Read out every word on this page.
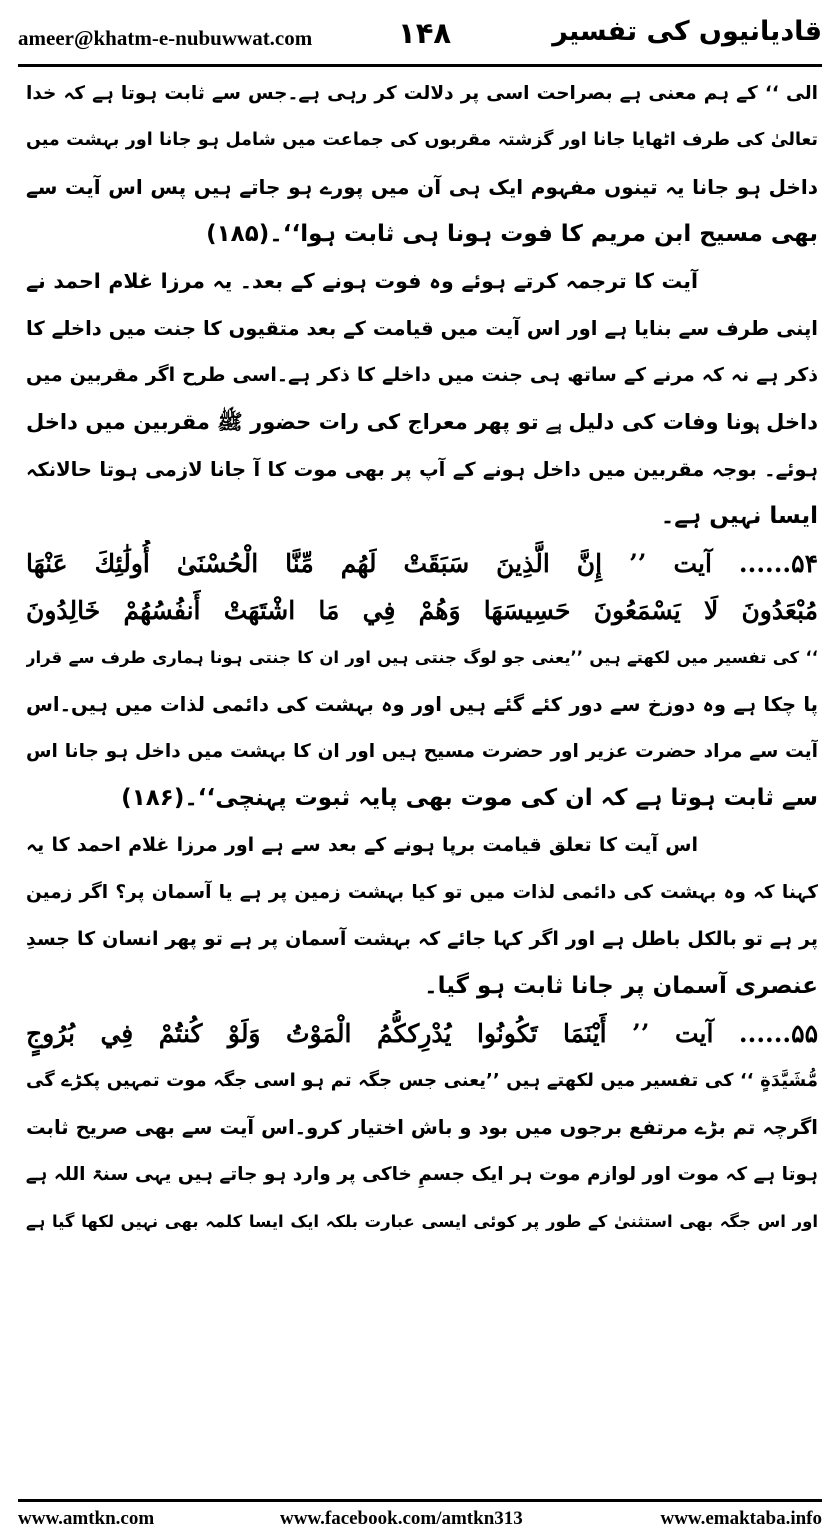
ameer@khatm-e-nubuwwat.com	۱۴۸	قادیانیوں کی تفسیر
الی ‘‘ کے ہم معنی ہے بصراحت اسی پر دلالت کر رہی ہے۔جس سے ثابت ہوتا ہے کہ خدا
تعالیٰ کی طرف اٹھایا جانا اور گزشتہ مقربوں کی جماعت میں شامل ہو جانا اور بہشت میں
داخل ہو جانا یہ تینوں مفہوم ایک ہی آن میں پورے ہو جاتے ہیں پس اس آیت سے
بھی مسیح ابن مریم کا فوت ہونا ہی ثابت ہوا‘‘۔(۱۸۵)
آیت کا ترجمہ کرتے ہوئے وہ فوت ہونے کے بعد۔ یہ مرزا غلام احمد نے
اپنی طرف سے بنایا ہے اور اس آیت میں قیامت کے بعد متقیوں کا جنت میں داخلے کا
ذکر ہے نہ کہ مرنے کے ساتھ ہی جنت میں داخلے کا ذکر ہے۔اسی طرح اگر مقربین میں
داخل ہونا وفات کی دلیل ہے تو پھر معراج کی رات حضور ﷺ مقربین میں داخل
ہوئے۔ بوجہ مقربین میں داخل ہونے کے آپ پر بھی موت کا آ جانا لازمی ہوتا حالانکہ
ایسا نہیں ہے۔
۵۴...... آیت ’’ إِنَّ الَّذِينَ سَبَقَتْ لَهُم مِّنَّا الْحُسْنَىٰ أُولَٰئِكَ عَنْهَا
مُبْعَدُونَ لَا يَسْمَعُونَ حَسِيسَهَا وَهُمْ فِي مَا اشْتَهَتْ أَنفُسُهُمْ خَالِدُونَ
‘‘ کی تفسیر میں لکھتے ہیں ’’یعنی جو لوگ جنتی ہیں اور ان کا جنتی ہونا ہماری طرف سے قرار
پا چکا ہے وہ دوزخ سے دور کئے گئے ہیں اور وہ بہشت کی دائمی لذات میں ہیں۔اس
آیت سے مراد حضرت عزیر اور حضرت مسیح ہیں اور ان کا بہشت میں داخل ہو جانا اس
سے ثابت ہوتا ہے کہ ان کی موت بھی پایہ ثبوت پہنچی‘‘۔(۱۸۶)
اس آیت کا تعلق قیامت برپا ہونے کے بعد سے ہے اور مرزا غلام احمد کا یہ
کہنا کہ وہ بہشت کی دائمی لذات میں تو کیا بہشت زمین پر ہے یا آسمان پر؟ اگر زمین
پر ہے تو بالکل باطل ہے اور اگر کہا جائے کہ بہشت آسمان پر ہے تو پھر انسان کا جسدِ
عنصری آسمان پر جانا ثابت ہو گیا۔
۵۵...... آیت ’’ أَيْنَمَا تَكُونُوا يُدْرِككُّمُ الْمَوْتُ وَلَوْ كُنتُمْ فِي بُرُوجٍ
مُّشَيَّدَةٍ ‘‘ کی تفسیر میں لکھتے ہیں ’’یعنی جس جگہ تم ہو اسی جگہ موت تمہیں پکڑے گی
اگرچہ تم بڑے مرتفع برجوں میں بود و باش اختیار کرو۔اس آیت سے بھی صریح ثابت
ہوتا ہے کہ موت اور لوازم موت ہر ایک جسمِ خاکی پر وارد ہو جاتے ہیں یہی سنۃ اللہ ہے
اور اس جگہ بھی استثنیٰ کے طور پر کوئی ایسی عبارت بلکہ ایک ایسا کلمہ بھی نہیں لکھا گیا ہے
www.amtkn.com	www.facebook.com/amtkn313	www.emaktaba.info
